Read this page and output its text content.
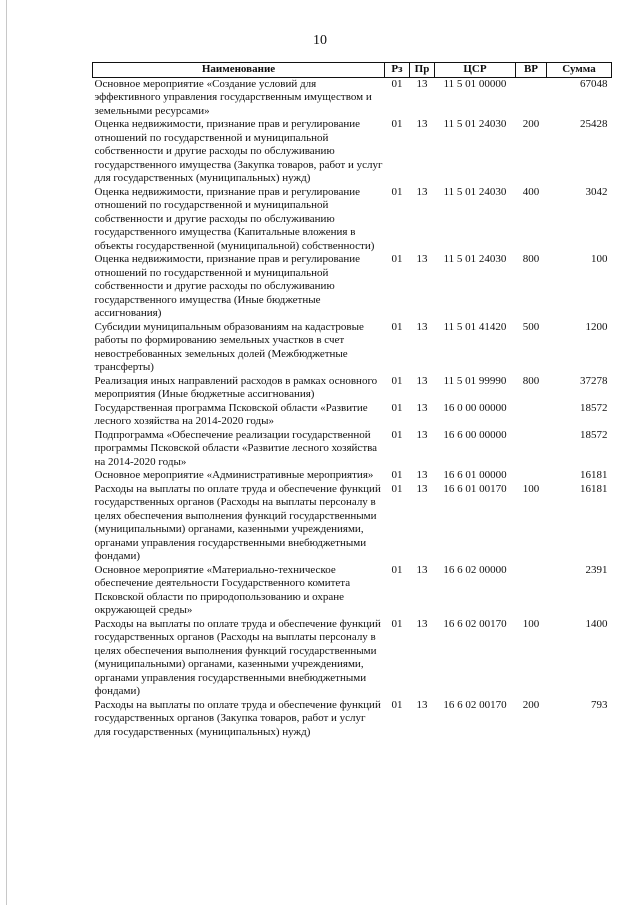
10
Наименование	Рз	Пр	ЦСР	ВР	Сумма
Основное мероприятие «Создание условий для эффективного управления государственным имуществом и земельными ресурсами»	01	13	11 5 01 00000		67048
Оценка недвижимости, признание прав и регулирование отношений по государственной и муниципальной собственности и другие расходы по обслуживанию государственного имущества (Закупка товаров, работ и услуг для государственных (муниципальных) нужд)	01	13	11 5 01 24030	200	25428
Оценка недвижимости, признание прав и регулирование отношений по государственной и муниципальной собственности и другие расходы по обслуживанию государственного имущества (Капитальные вложения в объекты государственной (муниципальной) собственности)	01	13	11 5 01 24030	400	3042
Оценка недвижимости, признание прав и регулирование отношений по государственной и муниципальной собственности и другие расходы по обслуживанию государственного имущества (Иные бюджетные ассигнования)	01	13	11 5 01 24030	800	100
Субсидии муниципальным образованиям на кадастровые работы по формированию земельных участков в счет невостребованных земельных долей (Межбюджетные трансферты)	01	13	11 5 01 41420	500	1200
Реализация иных направлений расходов в рамках основного мероприятия (Иные бюджетные ассигнования)	01	13	11 5 01 99990	800	37278
Государственная программа Псковской области «Развитие лесного хозяйства на 2014-2020 годы»	01	13	16 0 00 00000		18572
Подпрограмма «Обеспечение реализации государственной программы Псковской области «Развитие лесного хозяйства на 2014-2020 годы»	01	13	16 6 00 00000		18572
Основное мероприятие «Административные мероприятия»	01	13	16 6 01 00000		16181
Расходы на выплаты по оплате труда и обеспечение функций государственных органов (Расходы на выплаты персоналу в целях обеспечения выполнения функций государственными (муниципальными) органами, казенными учреждениями, органами управления государственными внебюджетными фондами)	01	13	16 6 01 00170	100	16181
Основное мероприятие «Материально-техническое обеспечение деятельности Государственного комитета Псковской области по природопользованию и охране окружающей среды»	01	13	16 6 02 00000		2391
Расходы на выплаты по оплате труда и обеспечение функций государственных органов (Расходы на выплаты персоналу в целях обеспечения выполнения функций государственными (муниципальными) органами, казенными учреждениями, органами управления государственными внебюджетными фондами)	01	13	16 6 02 00170	100	1400
Расходы на выплаты по оплате труда и обеспечение функций государственных органов (Закупка товаров, работ и услуг для государственных (муниципальных) нужд)	01	13	16 6 02 00170	200	793
